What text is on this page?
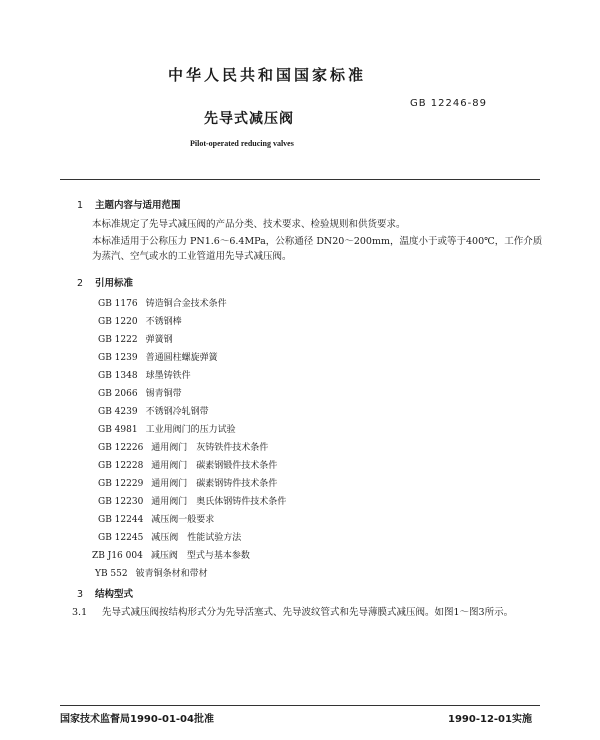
中华人民共和国国家标准
GB 12246-89
先导式减压阀
Pilot-operated reducing valves
1 主题内容与适用范围
本标准规定了先导式减压阀的产品分类、技术要求、检验规则和供货要求。
本标准适用于公称压力 PN1.6～6.4MPa，公称通径 DN20～200mm，温度小于或等于400℃，工作介质为蒸汽、空气或水的工业管道用先导式减压阀。
2 引用标准
GB 1176 铸造铜合金技术条件
GB 1220 不锈钢棒
GB 1222 弹簧钢
GB 1239 普通圆柱螺旋弹簧
GB 1348 球墨铸铁件
GB 2066 锡青铜带
GB 4239 不锈钢冷轧钢带
GB 4981 工业用阀门的压力试验
GB 12226 通用阀门　灰铸铁件技术条件
GB 12228 通用阀门　碳素钢锻件技术条件
GB 12229 通用阀门　碳素钢铸件技术条件
GB 12230 通用阀门　奥氏体钢铸件技术条件
GB 12244 减压阀一般要求
GB 12245 减压阀　性能试验方法
ZB J16 004 减压阀　型式与基本参数
YB 552 铍青铜条材和带材
3 结构型式
3.1 先导式减压阀按结构形式分为先导活塞式、先导波纹管式和先导薄膜式减压阀。如图1～图3所示。
国家技术监督局1990-01-04批准	1990-12-01实施
